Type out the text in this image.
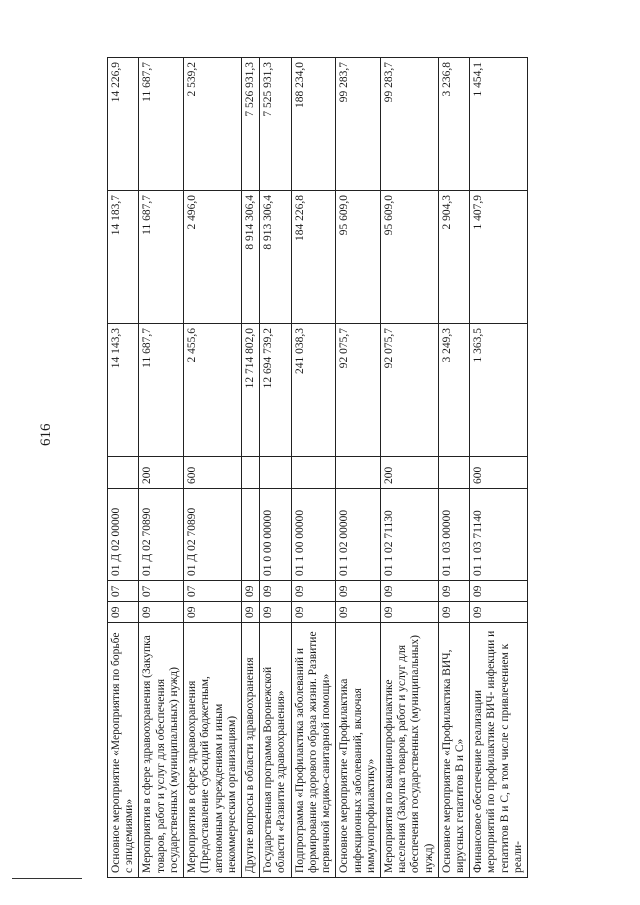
616
Основное мероприятие «Мероприятия по борьбе с эпидемиями»	09	07	01 Д 02 00000		14 143,3	14 183,7	14 226,9
Мероприятия в сфере здравоохранения (Закупка товаров, работ и услуг для обеспечения государственных (муниципальных) нужд)	09	07	01 Д 02 70890	200	11 687,7	11 687,7	11 687,7
Мероприятия в сфере здравоохранения (Предоставление субсидий бюджетным, автономным учреждениям и иным некоммерческим организациям)	09	07	01 Д 02 70890	600	2 455,6	2 496,0	2 539,2
Другие вопросы в области здравоохранения	09	09			12 714 802,0	8 914 306,4	7 526 931,3
Государственная программа Воронежской области «Развитие здравоохранения»	09	09	01 0 00 00000		12 694 739,2	8 913 306,4	7 525 931,3
Подпрограмма «Профилактика заболеваний и формирование здорового образа жизни. Развитие первичной медико-санитарной помощи»	09	09	01 1 00 00000		241 038,3	184 226,8	188 234,0
Основное мероприятие «Профилактика инфекционных заболеваний, включая иммунопрофилактику»	09	09	01 1 02 00000		92 075,7	95 609,0	99 283,7
Мероприятия по вакцинопрофилактике населения (Закупка товаров, работ и услуг для обеспечения государственных (муниципальных) нужд)	09	09	01 1 02 71130	200	92 075,7	95 609,0	99 283,7
Основное мероприятие «Профилактика ВИЧ, вирусных гепатитов В и С»	09	09	01 1 03 00000		3 249,3	2 904,3	3 236,8
Финансовое обеспечение реализации мероприятий по профилактике ВИЧ- инфекции и гепатитов В и С, в том числе с привлечением к реали-	09	09	01 1 03 71140	600	1 363,5	1 407,9	1 454,1
